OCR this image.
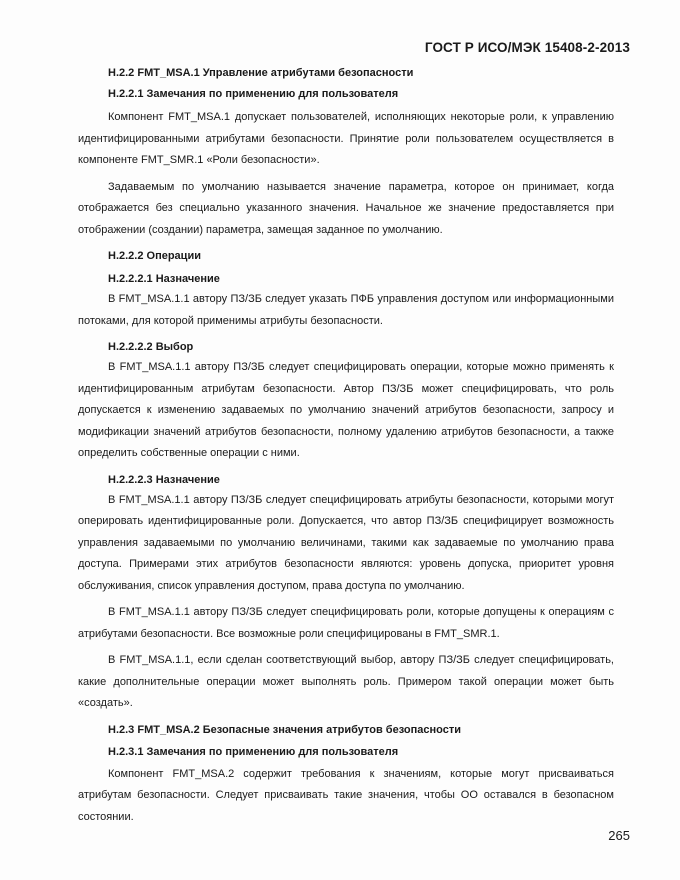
ГОСТ Р ИСО/МЭК 15408-2-2013
H.2.2 FMT_MSA.1 Управление атрибутами безопасности
H.2.2.1 Замечания по применению для пользователя
Компонент FMT_MSA.1 допускает пользователей, исполняющих некоторые роли, к управлению идентифицированными атрибутами безопасности. Принятие роли пользователем осуществляется в компоненте FMT_SMR.1 «Роли безопасности».
Задаваемым по умолчанию называется значение параметра, которое он принимает, когда отображается без специально указанного значения. Начальное же значение предоставляется при отображении (создании) параметра, замещая заданное по умолчанию.
H.2.2.2 Операции
H.2.2.2.1 Назначение
В FMT_MSA.1.1 автору ПЗ/ЗБ следует указать ПФБ управления доступом или информационными потоками, для которой применимы атрибуты безопасности.
H.2.2.2.2 Выбор
В FMT_MSA.1.1 автору ПЗ/ЗБ следует специфицировать операции, которые можно применять к идентифицированным атрибутам безопасности. Автор ПЗ/ЗБ может специфицировать, что роль допускается к изменению задаваемых по умолчанию значений атрибутов безопасности, запросу и модификации значений атрибутов безопасности, полному удалению атрибутов безопасности, а также определить собственные операции с ними.
H.2.2.2.3 Назначение
В FMT_MSA.1.1 автору ПЗ/ЗБ следует специфицировать атрибуты безопасности, которыми могут оперировать идентифицированные роли. Допускается, что автор ПЗ/ЗБ специфицирует возможность управления задаваемыми по умолчанию величинами, такими как задаваемые по умолчанию права доступа. Примерами этих атрибутов безопасности являются: уровень допуска, приоритет уровня обслуживания, список управления доступом, права доступа по умолчанию.
В FMT_MSA.1.1 автору ПЗ/ЗБ следует специфицировать роли, которые допущены к операциям с атрибутами безопасности. Все возможные роли специфицированы в FMT_SMR.1.
В FMT_MSA.1.1, если сделан соответствующий выбор, автору ПЗ/ЗБ следует специфицировать, какие дополнительные операции может выполнять роль. Примером такой операции может быть «создать».
H.2.3 FMT_MSA.2 Безопасные значения атрибутов безопасности
H.2.3.1 Замечания по применению для пользователя
Компонент FMT_MSA.2 содержит требования к значениям, которые могут присваиваться атрибутам безопасности. Следует присваивать такие значения, чтобы ОО оставался в безопасном состоянии.
265
